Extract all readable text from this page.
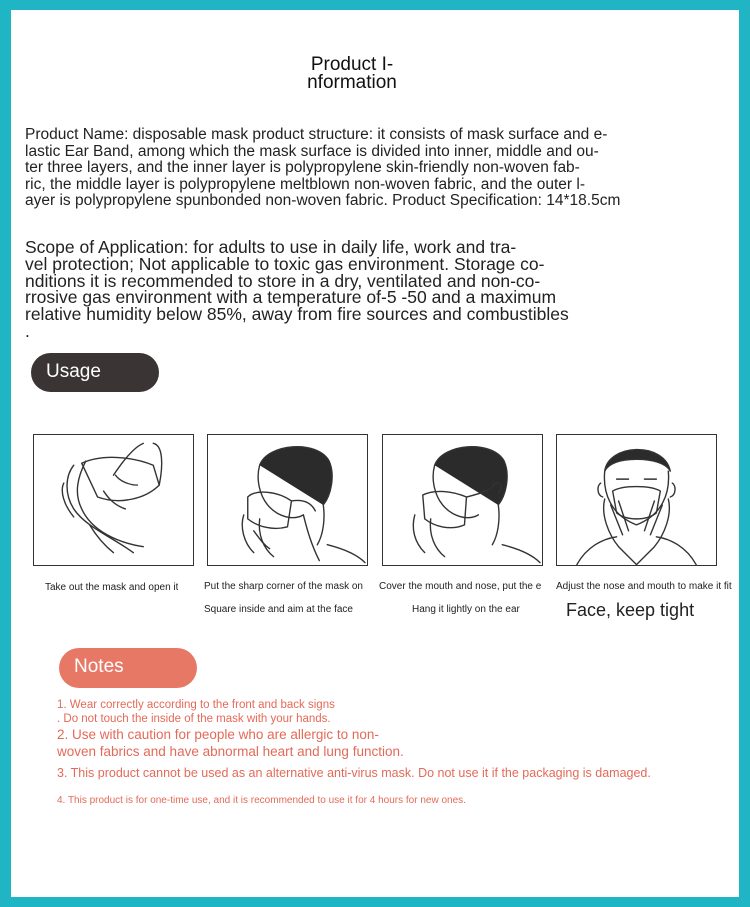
Product I-
nformation
Product Name: disposable mask product structure: it consists of mask surface and e-
lastic Ear Band, among which the mask surface is divided into inner, middle and ou-
ter three layers, and the inner layer is polypropylene skin-friendly non-woven fab-
ric, the middle layer is polypropylene meltblown non-woven fabric, and the outer l-
ayer is polypropylene spunbonded non-woven fabric. Product Specification: 14*18.5cm
Scope of Application: for adults to use in daily life, work and tra-
vel protection; Not applicable to toxic gas environment. Storage co-
nditions it is recommended to store in a dry, ventilated and non-co-
rrosive gas environment with a temperature of-5 -50 and a maximum
relative humidity below 85%, away from fire sources and combustibles
.
Usage
Take out the mask and open it	Put the sharp corner of the mask on
Square inside and aim at the face
Cover the mouth and nose, put the e
Hang it lightly on the ear
Adjust the nose and mouth to make it fit
Face, keep tight
Notes
1. Wear correctly according to the front and back signs
. Do not touch the inside of the mask with your hands.
2. Use with caution for people who are allergic to non-
woven fabrics and have abnormal heart and lung function.
3. This product cannot be used as an alternative anti-virus mask. Do not use it if the packaging is damaged.
4. This product is for one-time use, and it is recommended to use it for 4 hours for new ones.
